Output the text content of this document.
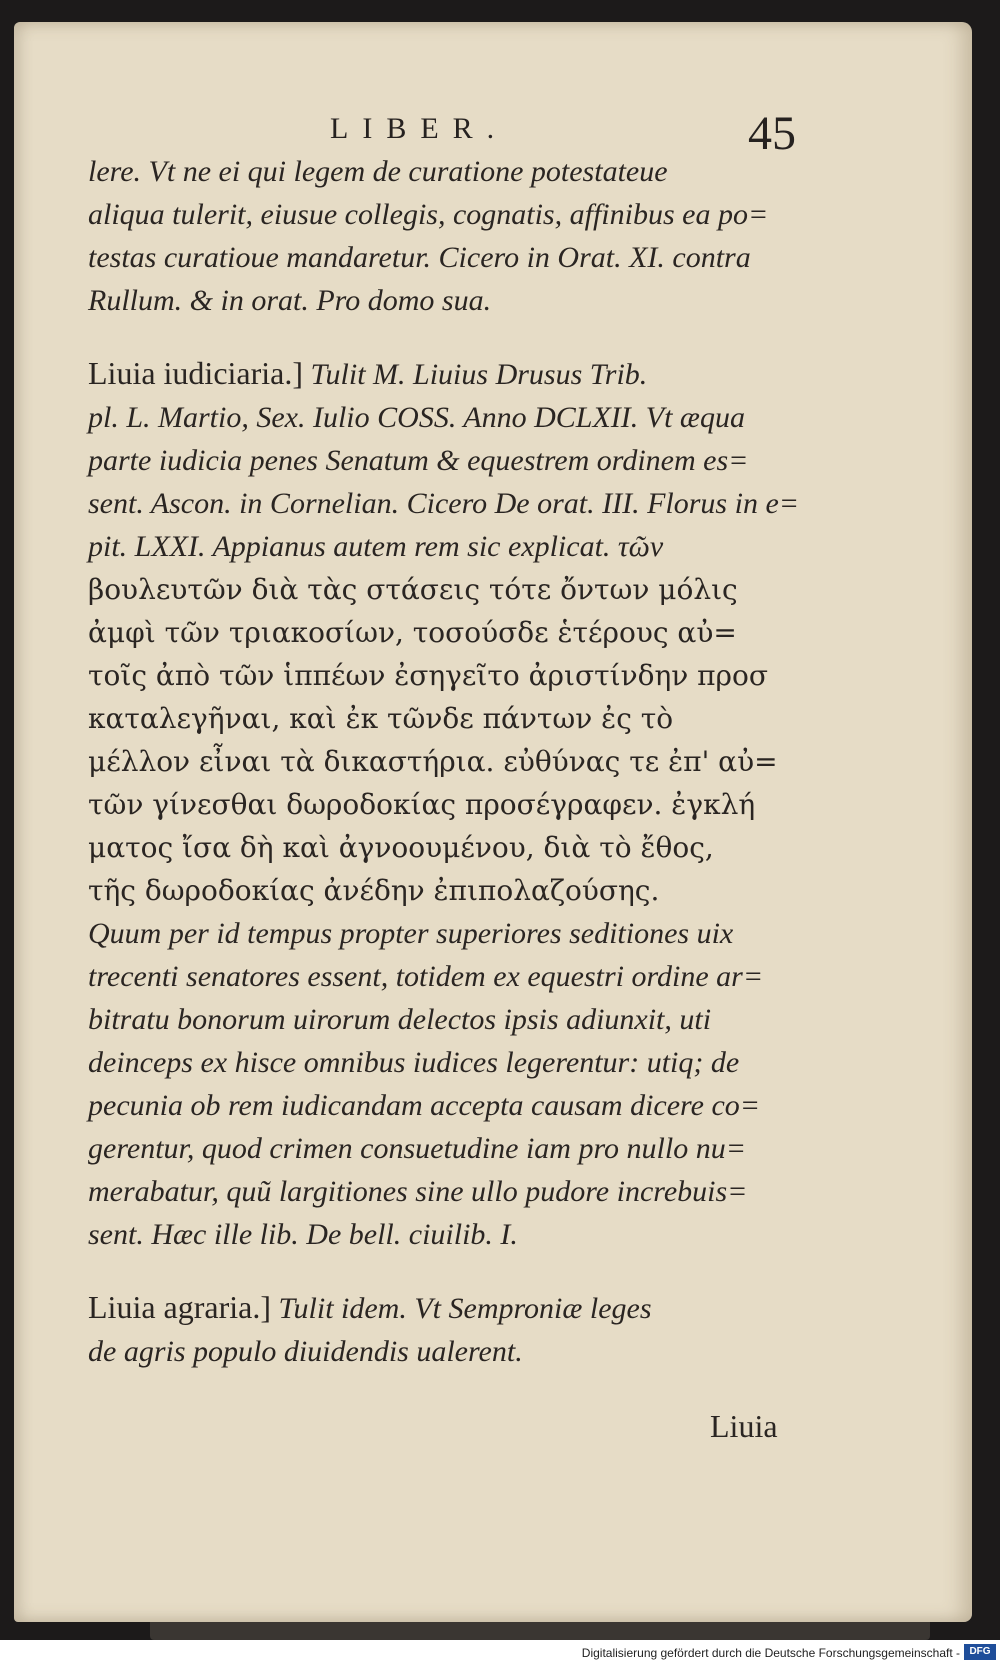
LIBER.	45
lere. Vt ne ei qui legem de curatione potestateue
aliqua tulerit, eiusue collegis, cognatis, affinibus ea po=
testas curatioue mandaretur. Cicero in Orat. XI. contra
Rullum. & in orat. Pro domo sua.
Liuia iudiciaria.] Tulit M. Liuius Drusus Trib.
pl. L. Martio, Sex. Iulio COSS. Anno DCLXII. Vt æqua
parte iudicia penes Senatum & equestrem ordinem es=
sent. Ascon. in Cornelian. Cicero De orat. III. Florus in e=
pit. LXXI. Appianus autem rem sic explicat. τῶν
βουλευτῶν διὰ τὰς στάσεις τότε ὄντων μόλις
ἀμφὶ τῶν τριακοσίων, τοσούσδε ἑτέρους αὐ=
τοῖς ἀπὸ τῶν ἱππέων ἐσηγεῖτο ἀριστίνδην προσ
καταλεγῆναι, καὶ ἐκ τῶνδε πάντων ἐς τὸ
μέλλον εἶναι τὰ δικαστήρια. εὐθύνας τε ἐπ' αὐ=
τῶν γίνεσθαι δωροδοκίας προσέγραφεν. ἐγκλή
ματος ἴσα δὴ καὶ ἀγνοουμένου, διὰ τὸ ἔθος,
τῆς δωροδοκίας ἀνέδην ἐπιπολαζούσης.
Quum per id tempus propter superiores seditiones uix
trecenti senatores essent, totidem ex equestri ordine ar=
bitratu bonorum uirorum delectos ipsis adiunxit, uti
deinceps ex hisce omnibus iudices legerentur: utiq; de
pecunia ob rem iudicandam accepta causam dicere co=
gerentur, quod crimen consuetudine iam pro nullo nu=
merabatur, quũ largitiones sine ullo pudore increbuis=
sent. Hæc ille lib. De bell. ciuilib. I.
Liuia agraria.] Tulit idem. Vt Semproniæ leges
de agris populo diuidendis ualerent.
Liuia
Digitalisierung gefördert durch die Deutsche Forschungsgemeinschaft - DFG
